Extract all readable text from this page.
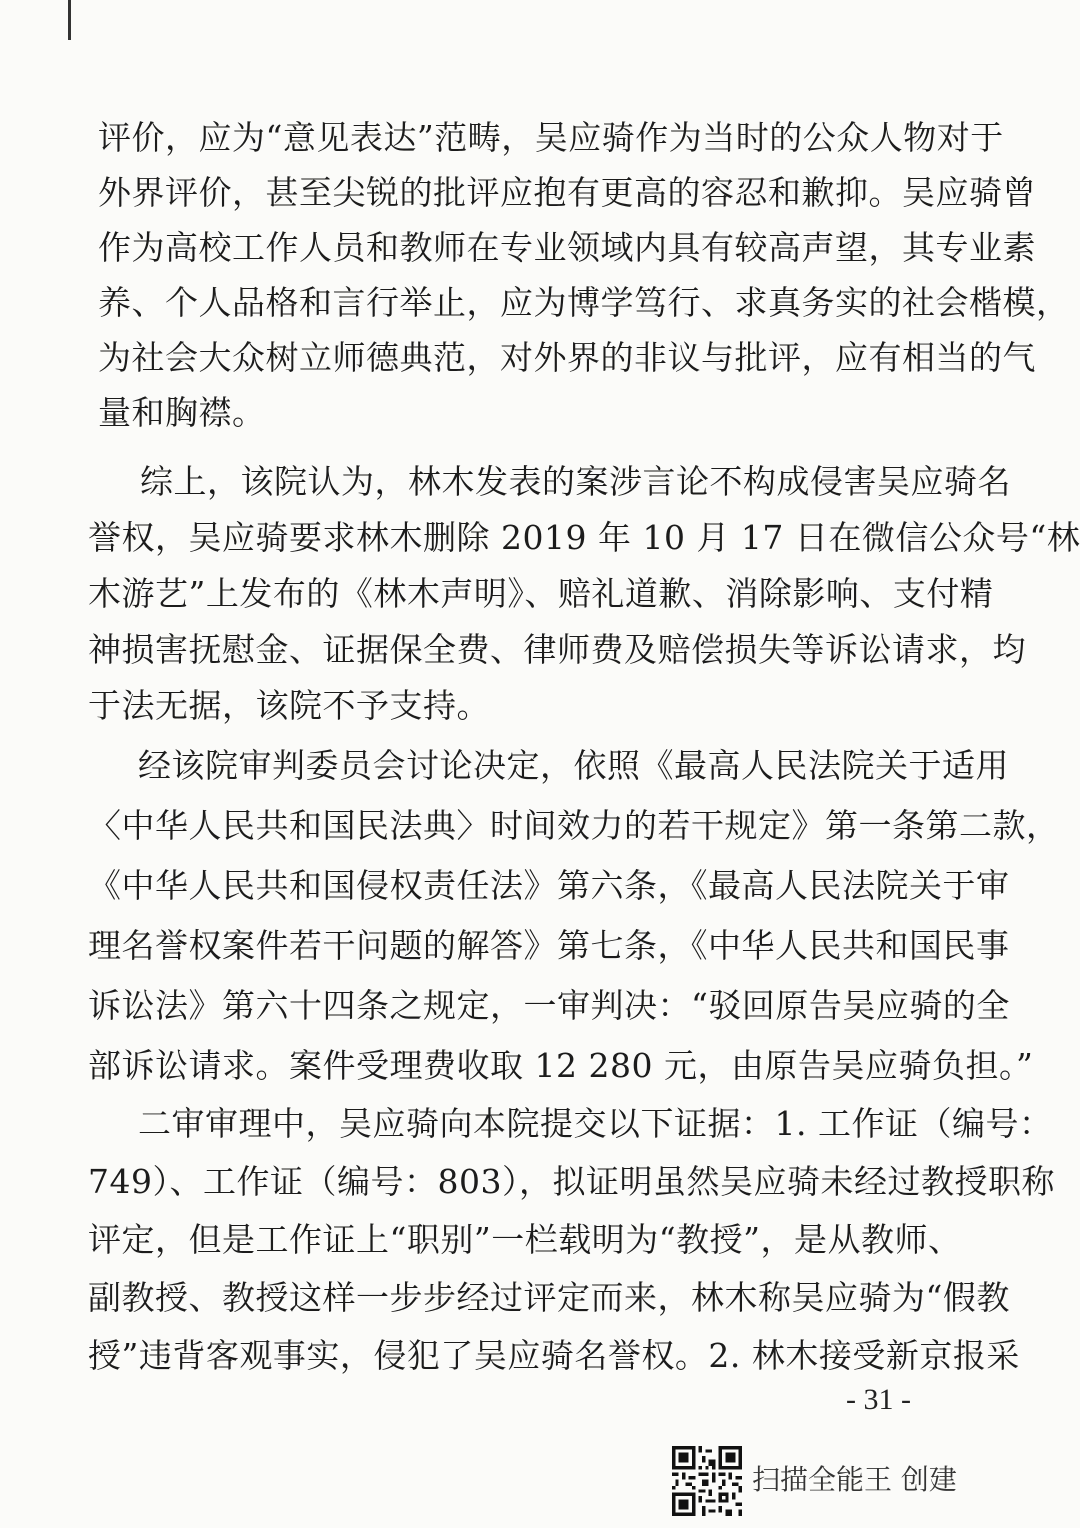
评价，应为“意见表达”范畴，吴应骑作为当时的公众人物对于
外界评价，甚至尖锐的批评应抱有更高的容忍和歉抑。吴应骑曾
作为高校工作人员和教师在专业领域内具有较高声望，其专业素
养、个人品格和言行举止，应为博学笃行、求真务实的社会楷模，
为社会大众树立师德典范，对外界的非议与批评，应有相当的气
量和胸襟。
综上，该院认为，林木发表的案涉言论不构成侵害吴应骑名
誉权，吴应骑要求林木删除 2019 年 10 月 17 日在微信公众号“林
木游艺”上发布的《林木声明》、赔礼道歉、消除影响、支付精
神损害抚慰金、证据保全费、律师费及赔偿损失等诉讼请求，均
于法无据，该院不予支持。
经该院审判委员会讨论决定，依照《最高人民法院关于适用
〈中华人民共和国民法典〉时间效力的若干规定》第一条第二款，
《中华人民共和国侵权责任法》第六条，《最高人民法院关于审
理名誉权案件若干问题的解答》第七条，《中华人民共和国民事
诉讼法》第六十四条之规定，一审判决：“驳回原告吴应骑的全
部诉讼请求。案件受理费收取 12 280 元，由原告吴应骑负担。”
二审审理中，吴应骑向本院提交以下证据：1. 工作证（编号：
749）、工作证（编号：803），拟证明虽然吴应骑未经过教授职称
评定，但是工作证上“职别”一栏载明为“教授”，是从教师、
副教授、教授这样一步步经过评定而来，林木称吴应骑为“假教
授”违背客观事实，侵犯了吴应骑名誉权。2. 林木接受新京报采
- 31 -
扫描全能王 创建
